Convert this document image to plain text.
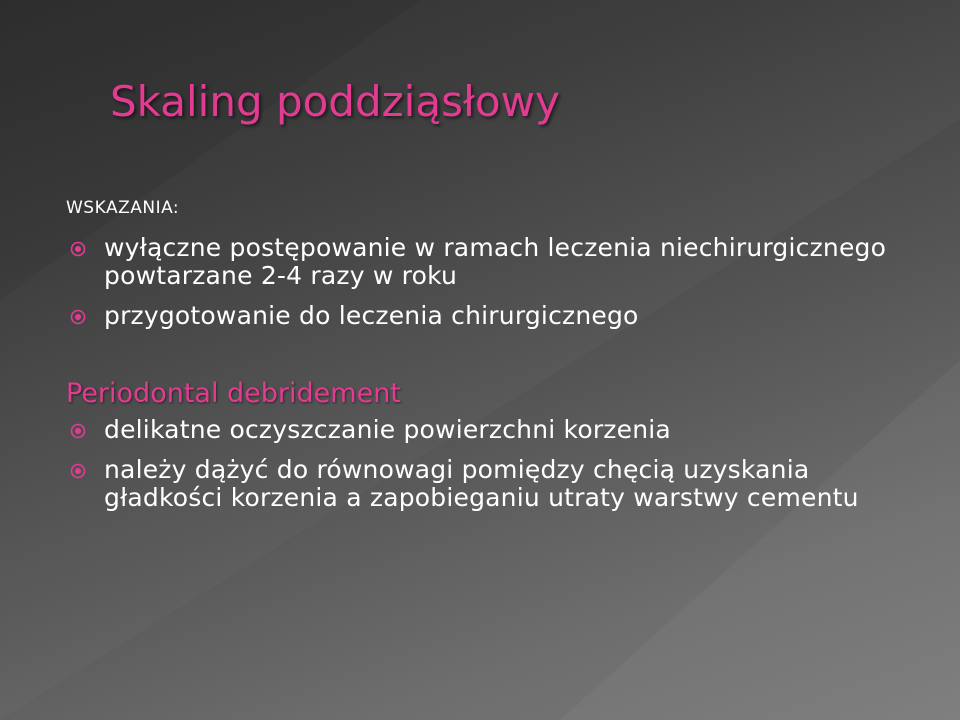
Skaling poddziąsłowy
WSKAZANIA:
wyłączne postępowanie w ramach leczenia niechirurgicznego powtarzane 2-4 razy w roku
przygotowanie do leczenia chirurgicznego
Periodontal debridement
delikatne oczyszczanie powierzchni korzenia
należy dążyć do równowagi pomiędzy chęcią uzyskania gładkości korzenia a zapobieganiu utraty warstwy cementu
